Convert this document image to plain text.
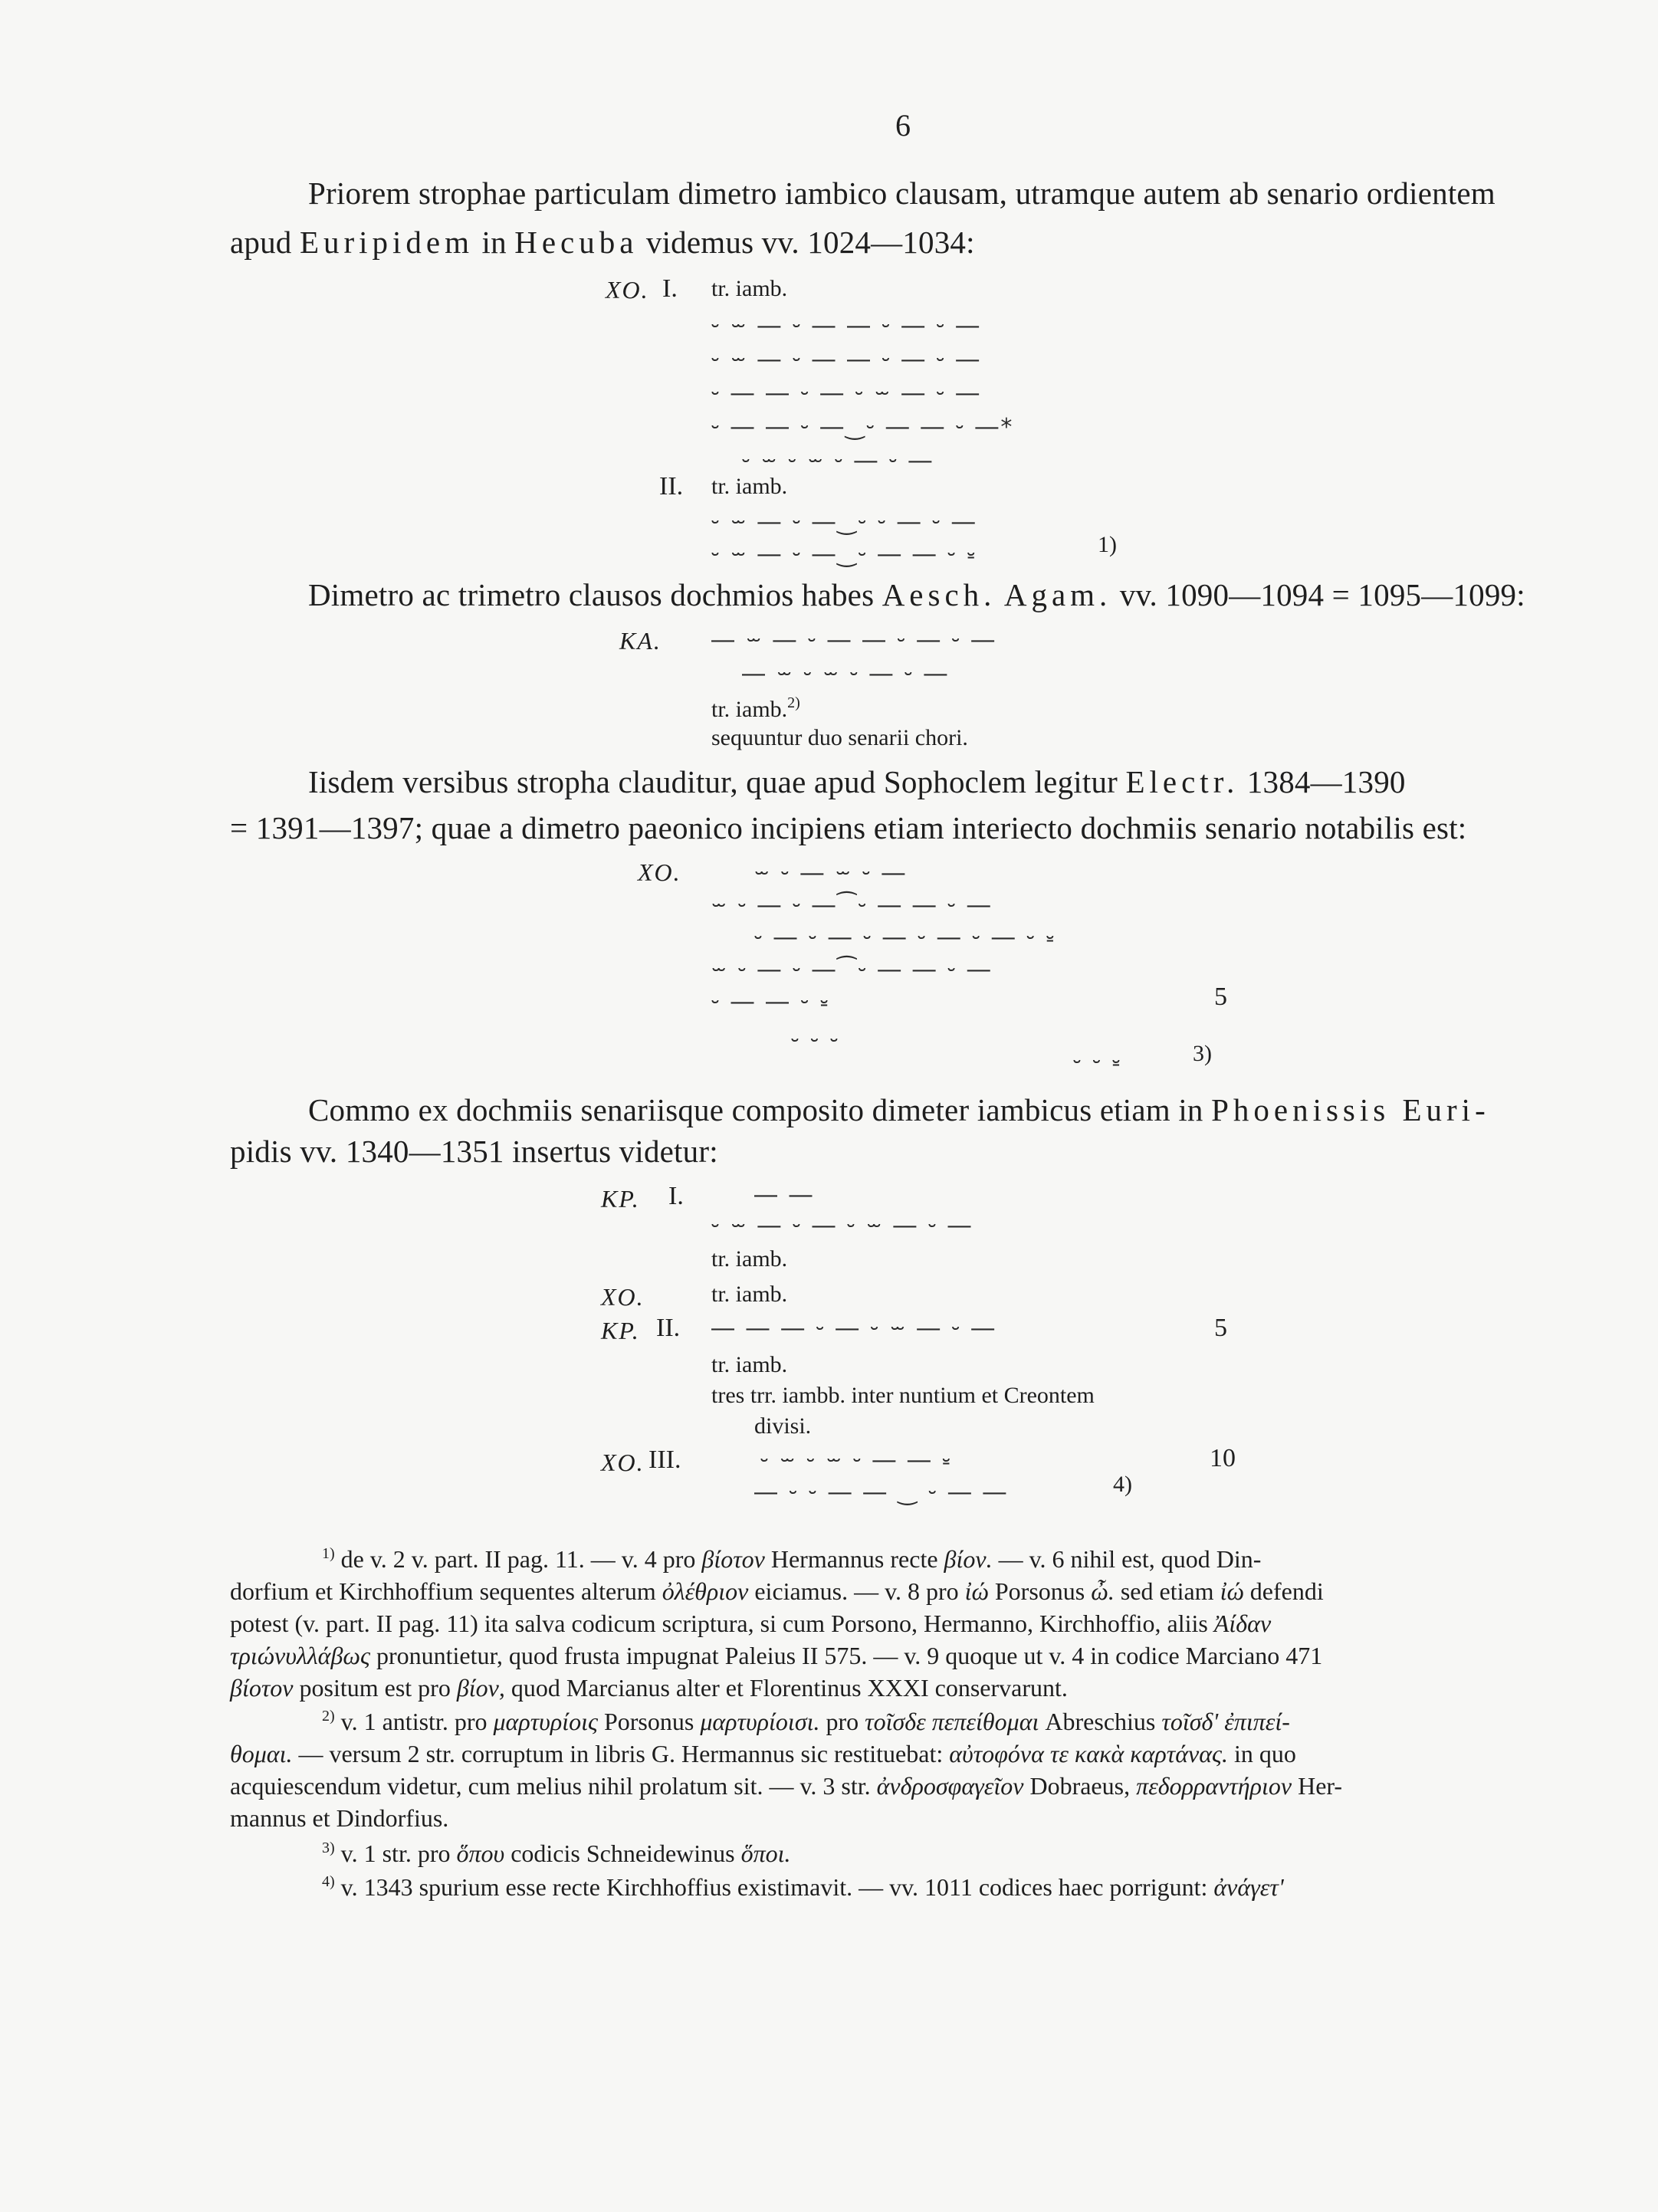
6
Priorem strophae particulam dimetro iambico clausam, utramque autem ab senario ordientem
apud Euripidem in Hecuba videmus vv. 1024—1034:
ΧΟ. I. tr. iamb.
⏑ ⏖ ― ⏑ ― ― ⏑ ― ⏑ ―
⏑ ⏖ ― ⏑ ― ― ⏑ ― ⏑ ―
⏑ ― ― ⏑ ― ⏑ ⏖ ― ⏑ ―
⏑ ― ― ⏑ ―‿⏑ ― ― ⏑ ―*
⏑ ⏖ ⏑ ⏖ ⏑ ― ⏑ ―
II. tr. iamb.
⏑ ⏖ ― ⏑ ―‿⏑ ⏑ ― ⏑ ―
⏑ ⏖ ― ⏑ ―‿⏑ ― ― ⏑ ⏓	1)
Dimetro ac trimetro clausos dochmios habes Aesch. Agam. vv. 1090—1094 = 1095—1099:
ΚΑ. ― ⏖ ― ⏑ ― ― ⏑ ― ⏑ ―
― ⏖ ⏑ ⏖ ⏑ ― ⏑ ―
tr. iamb.$^{2)}$
sequuntur duo senarii chori.
Iisdem versibus stropha clauditur, quae apud Sophoclem legitur Electr. 1384—1390
= 1391—1397; quae a dimetro paeonico incipiens etiam interiecto dochmiis senario notabilis est:
ΧΟ.	⏖ ⏑ ― ⏖ ⏑ ―
⏖ ⏑ ― ⏑ ―⁀⏑ ― ― ⏑ ―
⏑ ― ⏑ ― ⏑ ― ⏑ ― ⏑ ― ⏑ ⏓
⏖ ⏑ ― ⏑ ―⁀⏑ ― ― ⏑ ―
⏑ ― ― ⏑ ⏓	5
⏑ ⏑ ⏑
⏑ ⏑ ⏓	3)
Commo ex dochmiis senariisque composito dimeter iambicus etiam in Phoenissis Euri-
pidis vv. 1340—1351 insertus videtur:
ΚΡ. I.	― ―
⏑ ⏖ ― ⏑ ― ⏑ ⏖ ― ⏑ ―
tr. iamb.
ΧΟ.	tr. iamb.
ΚΡ. II. ― ― ― ⏑ ― ⏑ ⏖ ― ⏑ ―	5
tr. iamb.
tres trr. iambb. inter nuntium et Creontem
divisi.
ΧΟ. III.	⏑ ⏖ ⏑ ⏖ ⏑ ― ― ⏓	10
― ⏑ ⏑ ― ― ‿ ⏑ ― ―	4)
$^{1)}$ de v. 2 v. part. II pag. 11. — v. 4 pro βίοτον Hermannus recte βίον. — v. 6 nihil est, quod Din-
dorfium et Kirchhoffium sequentes alterum ὀλέθριον eiciamus. — v. 8 pro ἰώ Porsonus ὦ. sed etiam ἰώ defendi
potest (v. part. II pag. 11) ita salva codicum scriptura, si cum Porsono, Hermanno, Kirchhoffio, aliis Ἀίδαν
τριώνυλλάβως pronuntietur, quod frusta impugnat Paleius II 575. — v. 9 quoque ut v. 4 in codice Marciano 471
βίοτον positum est pro βίον, quod Marcianus alter et Florentinus XXXI conservarunt.
$^{2)}$ v. 1 antistr. pro μαρτυρίοις Porsonus μαρτυρίοισι. pro τοῖσδε πεπείθομαι Abreschius τοῖσδ' ἐπιπεί-
θομαι. — versum 2 str. corruptum in libris G. Hermannus sic restituebat: αὐτοφόνα τε κακὰ καρτάνας. in quo
acquiescendum videtur, cum melius nihil prolatum sit. — v. 3 str. ἀνδροσφαγεῖον Dobraeus, πεδορραντήριον Her-
mannus et Dindorfius.
$^{3)}$ v. 1 str. pro ὅπου codicis Schneidewinus ὅποι.
$^{4)}$ v. 1343 spurium esse recte Kirchhoffius existimavit. — vv. 1011 codices haec porrigunt: ἀνάγετ'
